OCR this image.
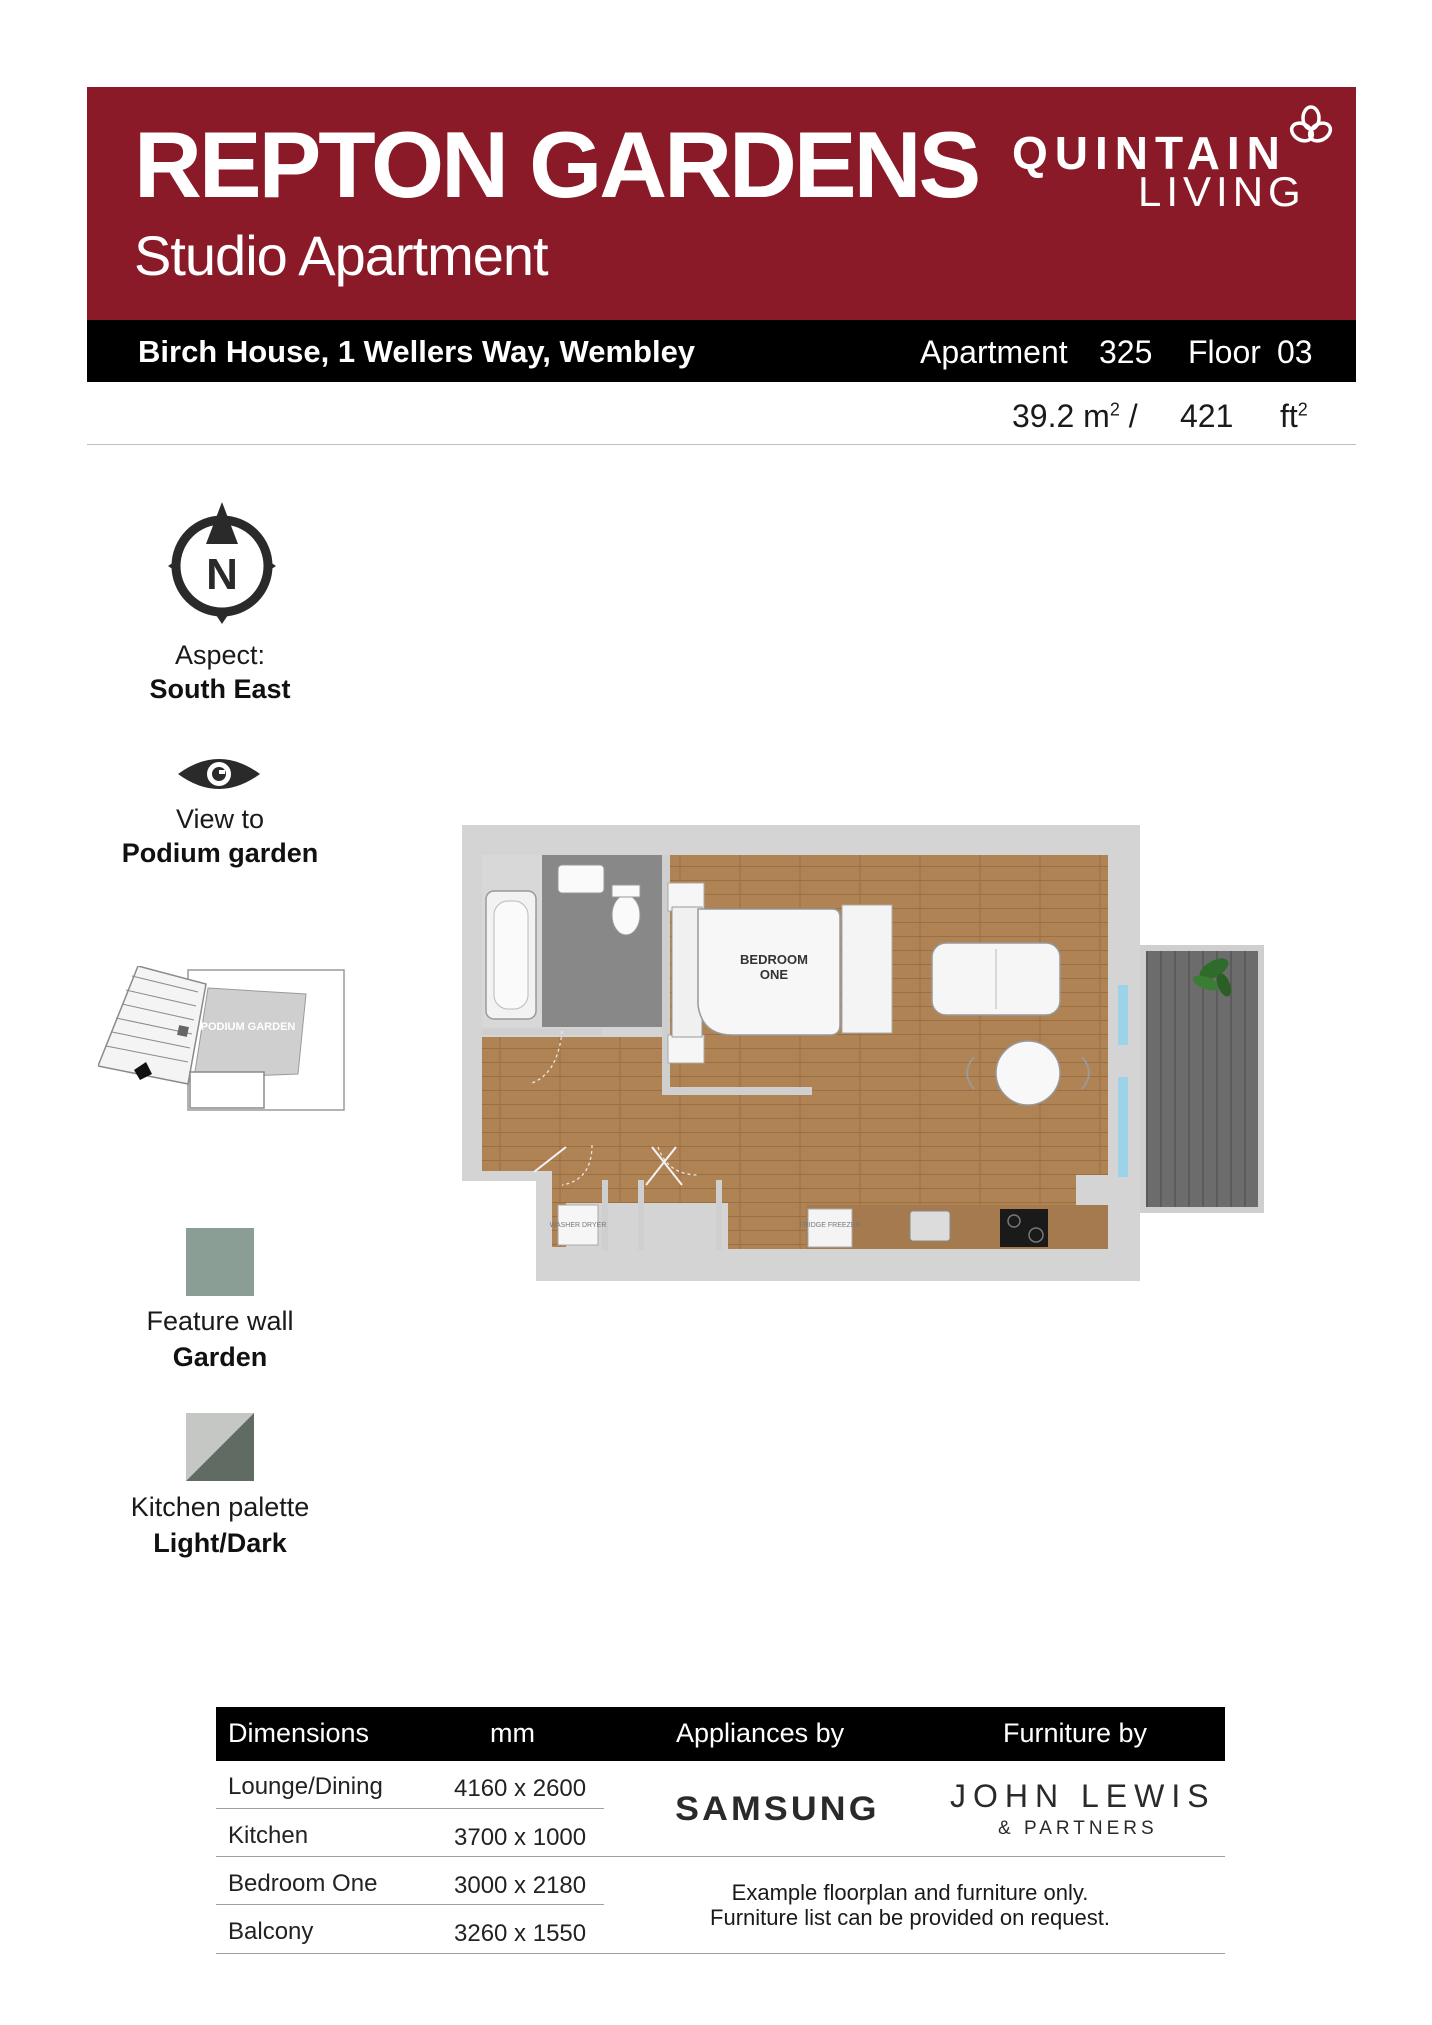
REPTON GARDENS
Studio Apartment
QUINTAIN
LIVING
Birch House, 1 Wellers Way, Wembley	Apartment 325 Floor 03
39.2 $m^2 / 421$ $ft^2$
N
Aspect:
South East
View to
Podium garden
PODIUM GARDEN
Feature wall
Garden
Kitchen palette
Light/Dark
BEDROOM ONE
FRIDGE FREEZER
WASHER DRYER
Dimensions	mm	Appliances by	Furniture by
Lounge/Dining	4160 x 2600
Kitchen	3700 x 1000
Bedroom One	3000 x 2180
Balcony	3260 x 1550
SAMSUNG JOHN LEWIS
& PARTNERS
Example floorplan and furniture only.
Furniture list can be provided on request.
